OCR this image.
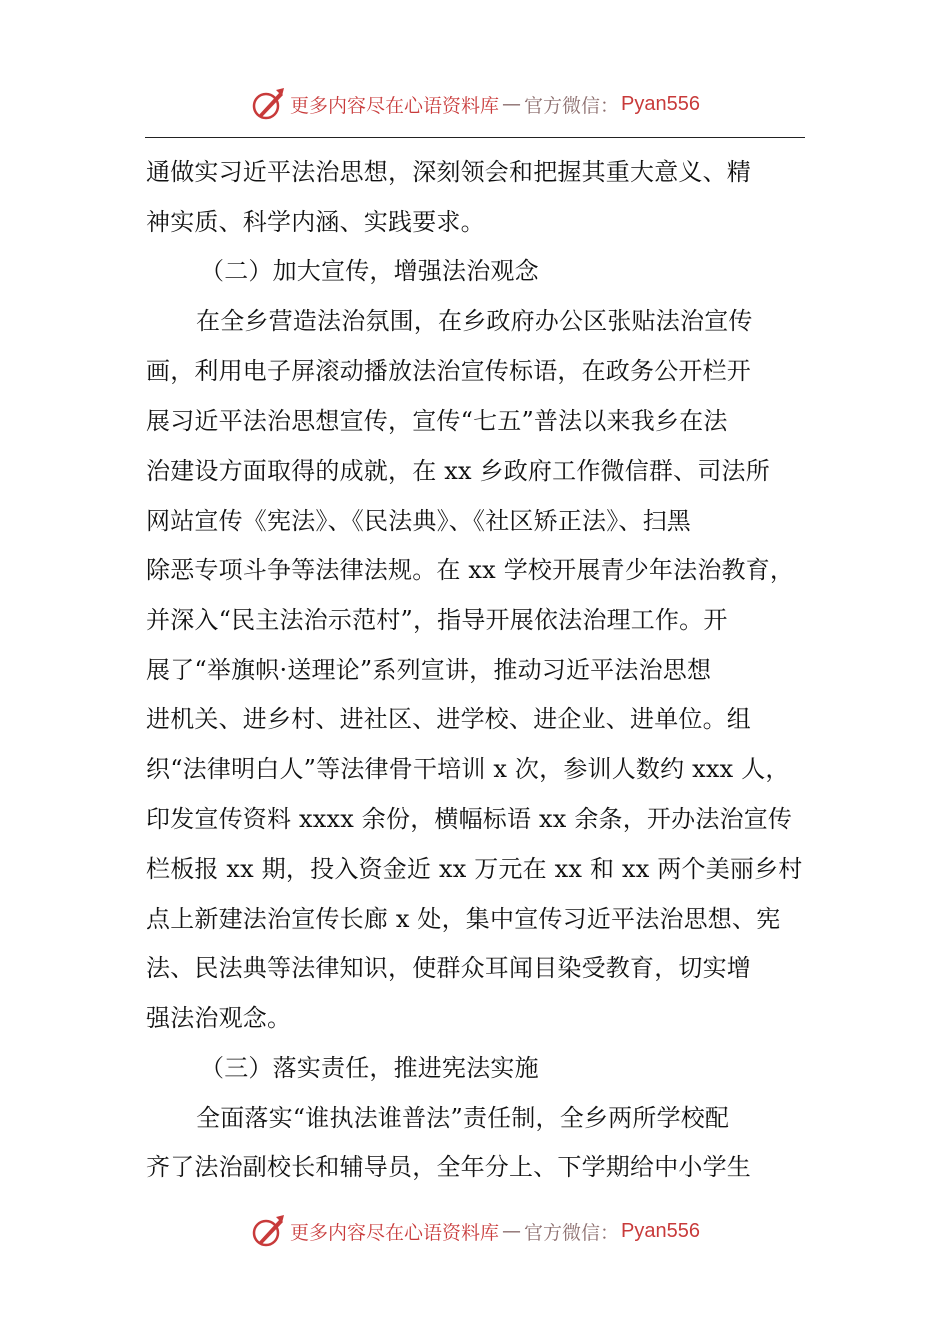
更多内容尽在心语资料库 — 官方微信： Pyan556
通做实习近平法治思想，深刻领会和把握其重大意义、精
神实质、科学内涵、实践要求。
（二）加大宣传，增强法治观念
在全乡营造法治氛围，在乡政府办公区张贴法治宣传
画，利用电子屏滚动播放法治宣传标语，在政务公开栏开
展习近平法治思想宣传，宣传“七五”普法以来我乡在法
治建设方面取得的成就，在 xx 乡政府工作微信群、司法所
网站宣传《宪法》、《民法典》、《社区矫正法》、扫黑
除恶专项斗争等法律法规。在 xx 学校开展青少年法治教育，
并深入“民主法治示范村”，指导开展依法治理工作。开
展了“举旗帜·送理论”系列宣讲，推动习近平法治思想
进机关、进乡村、进社区、进学校、进企业、进单位。组
织“法律明白人”等法律骨干培训 x 次，参训人数约 xxx 人，
印发宣传资料 xxxx 余份，横幅标语 xx 余条，开办法治宣传
栏板报 xx 期，投入资金近 xx 万元在 xx 和 xx 两个美丽乡村
点上新建法治宣传长廊 x 处，集中宣传习近平法治思想、宪
法、民法典等法律知识，使群众耳闻目染受教育，切实增
强法治观念。
（三）落实责任，推进宪法实施
全面落实“谁执法谁普法”责任制，全乡两所学校配
齐了法治副校长和辅导员，全年分上、下学期给中小学生
更多内容尽在心语资料库 — 官方微信： Pyan556
